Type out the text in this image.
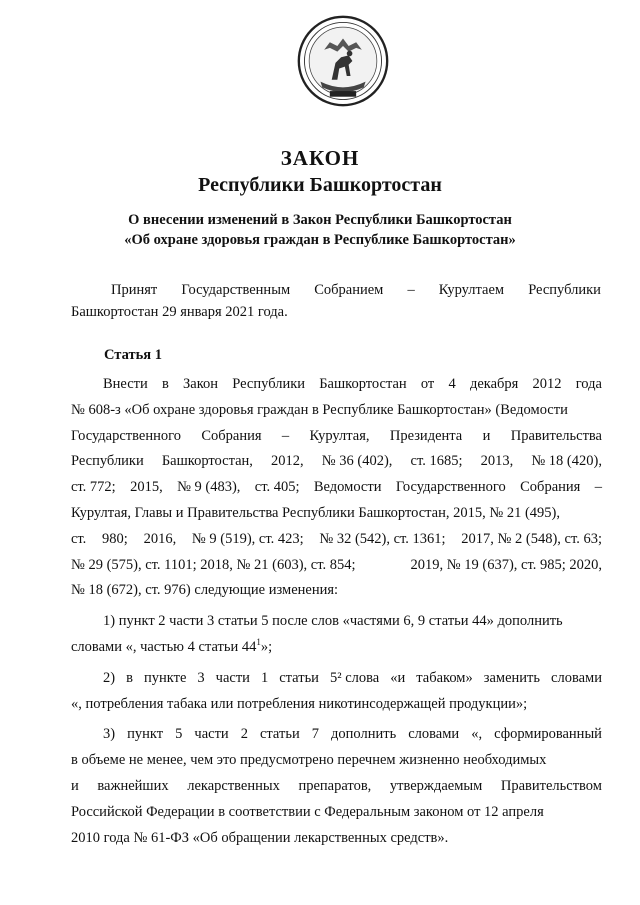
ЗАКОН
Республики Башкортостан
О внесении изменений в Закон Республики Башкортостан
«Об охране здоровья граждан в Республике Башкортостан»
Принят Государственным Собранием – Курултаем Республики
Башкортостан 29 января 2021 года.
Статья 1
Внести в Закон Республики Башкортостан от 4 декабря 2012 года
№ 608-з «Об охране здоровья граждан в Республике Башкортостан» (Ведомости
Государственного Собрания – Курултая, Президента и Правительства
Республики Башкортостан, 2012, № 36 (402), ст. 1685; 2013, № 18 (420),
ст. 772; 2015, № 9 (483), ст. 405; Ведомости Государственного Собрания –
Курултая, Главы и Правительства Республики Башкортостан, 2015, № 21 (495),
ст. 980; 2016, № 9 (519), ст. 423; № 32 (542), ст. 1361; 2017, № 2 (548), ст. 63;
№ 29 (575), ст. 1101; 2018, № 21 (603), ст. 854;	2019, № 19 (637), ст. 985; 2020,
№ 18 (672), ст. 976) следующие изменения:
1) пункт 2 части 3 статьи 5 после слов «частями 6, 9 статьи 44» дополнить
словами «, частью 4 статьи $44^1$»;
2) в пункте 3 части 1 статьи 5² слова «и табаком» заменить словами
«, потребления табака или потребления никотинсодержащей продукции»;
3) пункт 5 части 2 статьи 7 дополнить словами «, сформированный
в объеме не менее, чем это предусмотрено перечнем жизненно необходимых
и важнейших лекарственных препаратов, утверждаемым Правительством
Российской Федерации в соответствии с Федеральным законом от 12 апреля
2010 года № 61-ФЗ «Об обращении лекарственных средств».
